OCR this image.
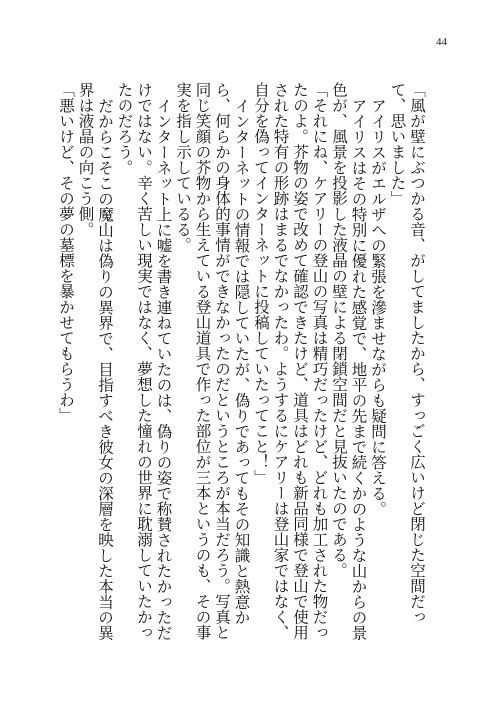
44

「風が壁にぶつかる音、がしてましたから、すっごく広いけど閉じた空間だって、思いました」

アイリスがエルザへの緊張を滲ませながらも疑問に答える。

アイリスはその特別に優れた感覚で、地平の先まで続くかのような山からの景色が、風景を投影した液晶の壁による閉鎖空間だと見抜いたのである。

「それにね、ケアリーの登山の写真は精巧だったけど、どれも加工された物だったのよ。芥物の姿で改めて確認できたけど、道具はどれも新品同様で登山で使用された特有の形跡はまるでなかったわ。ようするにケアリーは登山家ではなく、自分を偽ってインターネットに投稿していたってこと！」

インターネットの情報では隠していたが、偽りであってもその知識と熱意から、何らかの身体的事情ができなかったのだというところが本当だろう。写真と同じ笑顔の芥物から生えている登山道具で作った部位が三本というのも、その事実を指し示しているる。

インターネット上に嘘を書き連ねていたのは、偽りの姿で称賛されたかっただけではない。辛く苦しい現実ではなく、夢想した憧れの世界に耽溺していたかったのだろう。

だからこそこの魔山は偽りの異界で、目指すべき彼女の深層を映した本当の異界は液晶の向こう側。

「悪いけど、その夢の墓標を暴かせてもらうわ」
